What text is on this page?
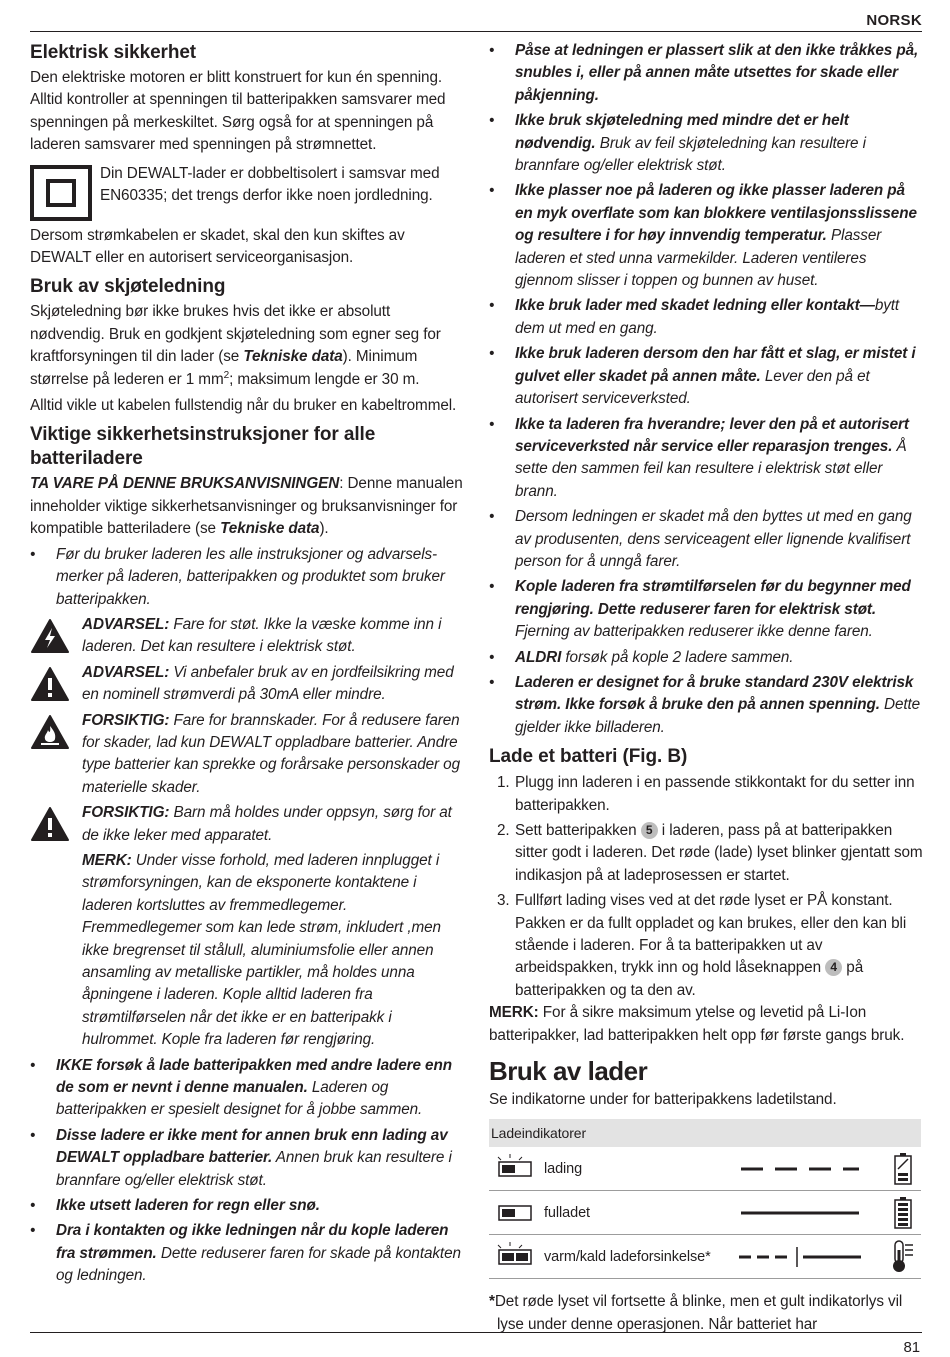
NORSK
Elektrisk sikkerhet

Den elektriske motoren er blitt konstruert for kun én spenning. Alltid kontroller at spenningen til batteripakken samsvarer med spenningen på merkeskiltet. Sørg også for at spenningen på laderen samsvarer med spenningen på strømnettet.

Din DEWALT-lader er dobbeltisolert i samsvar med EN60335; det trengs derfor ikke noen jordledning.

Dersom strømkabelen er skadet, skal den kun skiftes av DEWALT eller en autorisert serviceorganisasjon.

Bruk av skjøteledning

Skjøteledning bør ikke brukes hvis det ikke er absolutt nødvendig. Bruk en godkjent skjøteledning som egner seg for kraftforsyningen til din lader (se Tekniske data). Minimum størrelse på lederen er 1 $mm^2$; maksimum lengde er 30 m.

Alltid vikle ut kabelen fullstendig når du bruker en kabeltrommel.

Viktige sikkerhetsinstruksjoner for alle batteriladere

TA VARE PÅ DENNE BRUKSANVISNINGEN: Denne manualen inneholder viktige sikkerhetsanvisninger og bruksanvisninger for kompatible batteriladere (se Tekniske data).

• Før du bruker laderen les alle instruksjoner og advarsels-merker på laderen, batteripakken og produktet som bruker batteripakken.
ADVARSEL: Fare for støt. Ikke la væske komme inn i laderen. Det kan resultere i elektrisk støt.
ADVARSEL: Vi anbefaler bruk av en jordfeilsikring med en nominell strømverdi på 30mA eller mindre.
FORSIKTIG: Fare for brannskader. For å redusere faren for skader, lad kun DEWALT oppladbare batterier. Andre type batterier kan sprekke og forårsake personskader og materielle skader.
FORSIKTIG: Barn må holdes under oppsyn, sørg for at de ikke leker med apparatet.
MERK: Under visse forhold, med laderen innplugget i strømforsyningen, kan de eksponerte kontaktene i laderen kortsluttes av fremmedlegemer. Fremmedlegemer som kan lede strøm, inkludert ,men ikke bregrenset til stålull, aluminiumsfolie eller annen ansamling av metalliske partikler, må holdes unna åpningene i laderen. Kople alltid laderen fra strømtilførselen når det ikke er en batteripakk i hulrommet. Kople fra laderen før rengjøring.
• IKKE forsøk å lade batteripakken med andre ladere enn de som er nevnt i denne manualen. Laderen og batteripakken er spesielt designet for å jobbe sammen.
• Disse ladere er ikke ment for annen bruk enn lading av DEWALT oppladbare batterier. Annen bruk kan resultere i brannfare og/eller elektrisk støt.
• Ikke utsett laderen for regn eller snø.
• Dra i kontakten og ikke ledningen når du kople laderen fra strømmen. Dette reduserer faren for skade på kontakten og ledningen.
• Påse at ledningen er plassert slik at den ikke tråkkes på, snubles i, eller på annen måte utsettes for skade eller påkjenning.
• Ikke bruk skjøteledning med mindre det er helt nødvendig. Bruk av feil skjøteledning kan resultere i brannfare og/eller elektrisk støt.
• Ikke plasser noe på laderen og ikke plasser laderen på en myk overflate som kan blokkere ventilasjonsslissene og resultere i for høy innvendig temperatur. Plasser laderen et sted unna varmekilder. Laderen ventileres gjennom slisser i toppen og bunnen av huset.
• Ikke bruk lader med skadet ledning eller kontakt—bytt dem ut med en gang.
• Ikke bruk laderen dersom den har fått et slag, er mistet i gulvet eller skadet på annen måte. Lever den på et autorisert serviceverksted.
• Ikke ta laderen fra hverandre; lever den på et autorisert serviceverksted når service eller reparasjon trenges. Å sette den sammen feil kan resultere i elektrisk støt eller brann.
• Dersom ledningen er skadet må den byttes ut med en gang av produsenten, dens serviceagent eller lignende kvalifisert person for å unngå farer.
• Kople laderen fra strømtilførselen før du begynner med rengjøring. Dette reduserer faren for elektrisk støt. Fjerning av batteripakken reduserer ikke denne faren.
• ALDRI forsøk på kople 2 ladere sammen.
• Laderen er designet for å bruke standard 230V elektrisk strøm. Ikke forsøk å bruke den på annen spenning. Dette gjelder ikke billaderen.
Lade et batteri (Fig. B)
1. Plugg inn laderen i en passende stikkontakt for du setter inn batteripakken.
2. Sett batteripakken 5 i laderen, pass på at batteripakken sitter godt i laderen. Det røde (lade) lyset blinker gjentatt som indikasjon på at ladeprosessen er startet.
3. Fullført lading vises ved at det røde lyset er PÅ konstant. Pakken er da fullt oppladet og kan brukes, eller den kan bli stående i laderen. For å ta batteripakken ut av arbeidspakken, trykk inn og hold låseknappen 4 på batteripakken og ta den av.

MERK: For å sikre maksimum ytelse og levetid på Li-Ion batteripakker, lad batteripakken helt opp før første gangs bruk.

Bruk av lader

Se indikatorne under for batteripakkens ladetilstand.

Ladeindikatorer
lading
fulladet
varm/kald ladeforsinkelse*

*Det røde lyset vil fortsette å blinke, men et gult indikatorlys vil lyse under denne operasjonen. Når batteriet har

81
